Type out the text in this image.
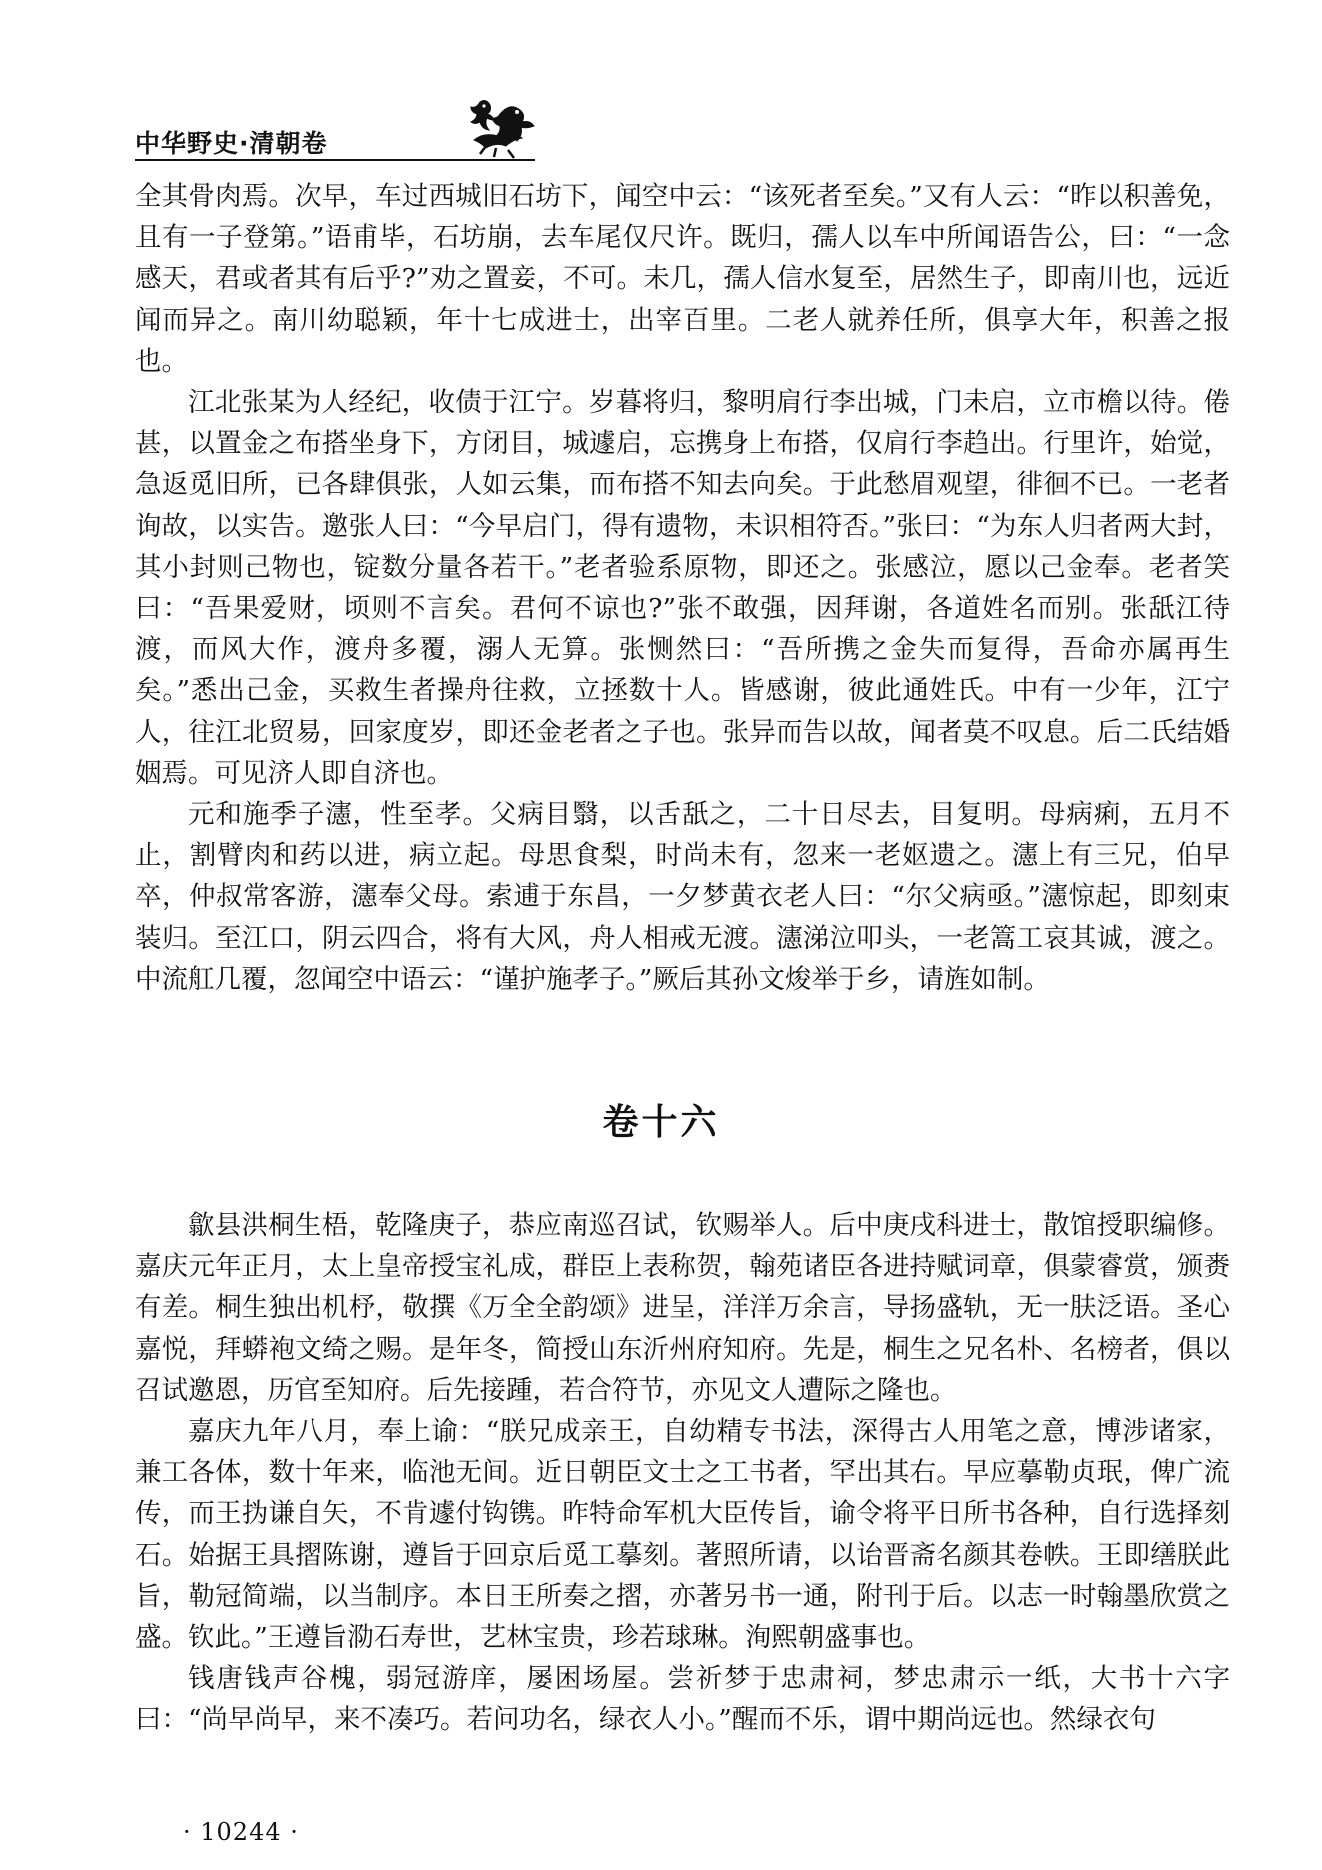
中华野史·清朝卷

全其骨肉焉。次早，车过西城旧石坊下，闻空中云：“该死者至矣。”又有人云：“昨以积善免，且有一子登第。”语甫毕，石坊崩，去车尾仅尺许。既归，孺人以车中所闻语告公，曰：“一念感天，君或者其有后乎?”劝之置妾，不可。未几，孺人信水复至，居然生子，即南川也，远近闻而异之。南川幼聪颖，年十七成进士，出宰百里。二老人就养任所，俱享大年，积善之报也。

江北张某为人经纪，收债于江宁。岁暮将归，黎明肩行李出城，门未启，立市檐以待。倦甚，以置金之布搭坐身下，方闭目，城遽启，忘携身上布搭，仅肩行李趋出。行里许，始觉，急返觅旧所，已各肆俱张，人如云集，而布搭不知去向矣。于此愁眉观望，徘徊不已。一老者询故，以实告。邀张人曰：“今早启门，得有遗物，未识相符否。”张曰：“为东人归者两大封，其小封则己物也，锭数分量各若干。”老者验系原物，即还之。张感泣，愿以己金奉。老者笑曰：“吾果爱财，顷则不言矣。君何不谅也?”张不敢强，因拜谢，各道姓名而别。张舐江待渡，而风大作，渡舟多覆，溺人无算。张恻然曰：“吾所携之金失而复得，吾命亦属再生矣。”悉出己金，买救生者操舟往救，立拯数十人。皆感谢，彼此通姓氏。中有一少年，江宁人，往江北贸易，回家度岁，即还金老者之子也。张异而告以故，闻者莫不叹息。后二氏结婚姻焉。可见济人即自济也。

元和施季子瀗，性至孝。父病目翳，以舌舐之，二十日尽去，目复明。母病痢，五月不止，割臂肉和药以进，病立起。母思食梨，时尚未有，忽来一老妪遗之。瀗上有三兄，伯早卒，仲叔常客游，瀗奉父母。索逋于东昌，一夕梦黄衣老人曰：“尔父病亟。”瀗惊起，即刻束装归。至江口，阴云四合，将有大风，舟人相戒无渡。瀗涕泣叩头，一老篙工哀其诚，渡之。中流舡几覆，忽闻空中语云：“谨护施孝子。”厥后其孙文焌举于乡，请旌如制。

卷十六

歙县洪桐生梧，乾隆庚子，恭应南巡召试，钦赐举人。后中庚戌科进士，散馆授职编修。嘉庆元年正月，太上皇帝授宝礼成，群臣上表称贺，翰苑诸臣各进持赋词章，俱蒙睿赏，颁赉有差。桐生独出机杼，敬撰《万全全韵颂》进呈，洋洋万余言，导扬盛轨，无一肤泛语。圣心嘉悦，拜蟒袍文绮之赐。是年冬，简授山东沂州府知府。先是，桐生之兄名朴、名榜者，俱以召试邀恩，历官至知府。后先接踵，若合符节，亦见文人遭际之隆也。

嘉庆九年八月，奉上谕：“朕兄成亲王，自幼精专书法，深得古人用笔之意，博涉诸家，兼工各体，数十年来，临池无间。近日朝臣文士之工书者，罕出其右。早应摹勒贞珉，俾广流传，而王㧑谦自矢，不肯遽付钩镌。昨特命军机大臣传旨，谕令将平日所书各种，自行选择刻石。始据王具摺陈谢，遵旨于回京后觅工摹刻。著照所请，以诒晋斋名颜其卷帙。王即缮朕此旨，勒冠简端，以当制序。本日王所奏之摺，亦著另书一通，附刊于后。以志一时翰墨欣赏之盛。钦此。”王遵旨泐石寿世，艺林宝贵，珍若球琳。洵熙朝盛事也。

钱唐钱声谷槐，弱冠游庠，屡困场屋。尝祈梦于忠肃祠，梦忠肃示一纸，大书十六字曰：“尚早尚早，来不凑巧。若问功名，绿衣人小。”醒而不乐，谓中期尚远也。然绿衣句

· 10244 ·
